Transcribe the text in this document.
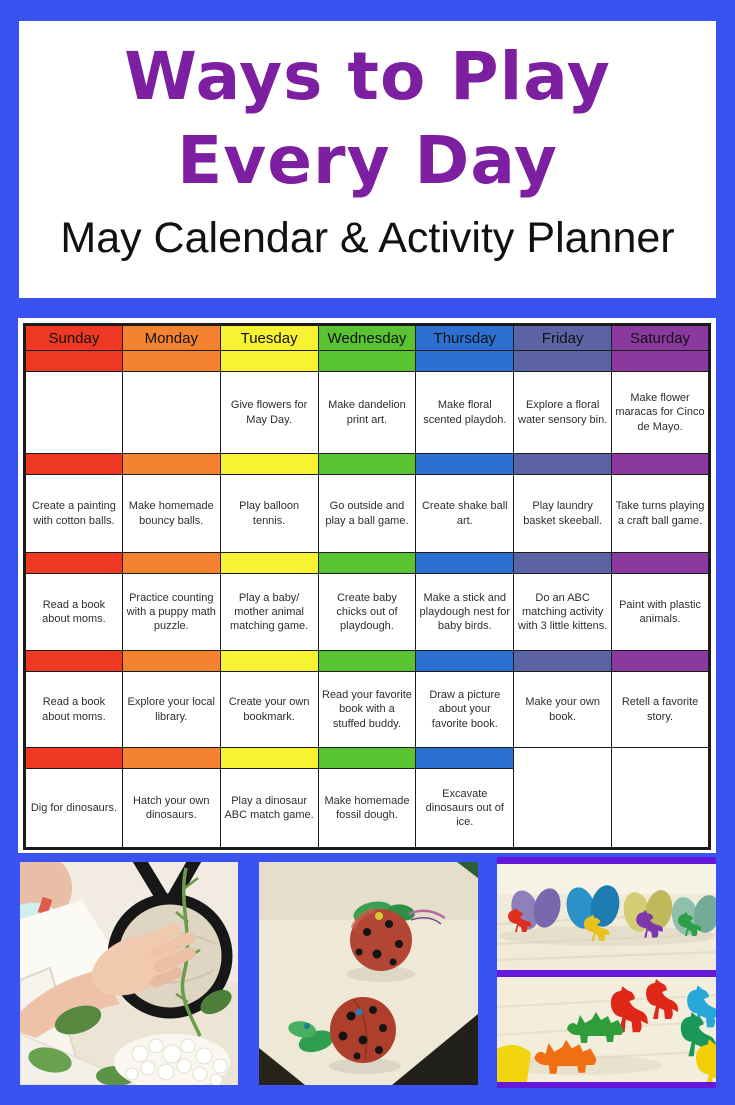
Ways to Play
Every Day
May Calendar & Activity Planner
Sunday	Monday	Tuesday	Wednesday	Thursday	Friday	Saturday

		Give flowers for May Day.	Make dandelion print art.	Make floral scented playdoh.	Explore a floral water sensory bin.	Make flower maracas for Cinco de Mayo.

Create a painting with cotton balls.	Make homemade bouncy balls.	Play balloon tennis.	Go outside and play a ball game.	Create shake ball art.	Play laundry basket skeeball.	Take turns playing a craft ball game.

Read a book about moms.	Practice counting with a puppy math puzzle.	Play a baby/ mother animal matching game.	Create baby chicks out of playdough.	Make a stick and playdough nest for baby birds.	Do an ABC matching activity with 3 little kittens.	Paint with plastic animals.

Read a book about moms.	Explore your local library.	Create your own bookmark.	Read your favorite book with a stuffed buddy.	Draw a picture about your favorite book.	Make your own book.	Retell a favorite story.

Dig for dinosaurs.	Hatch your own dinosaurs.	Play a dinosaur ABC match game.	Make homemade fossil dough.	Excavate dinosaurs out of ice.		
